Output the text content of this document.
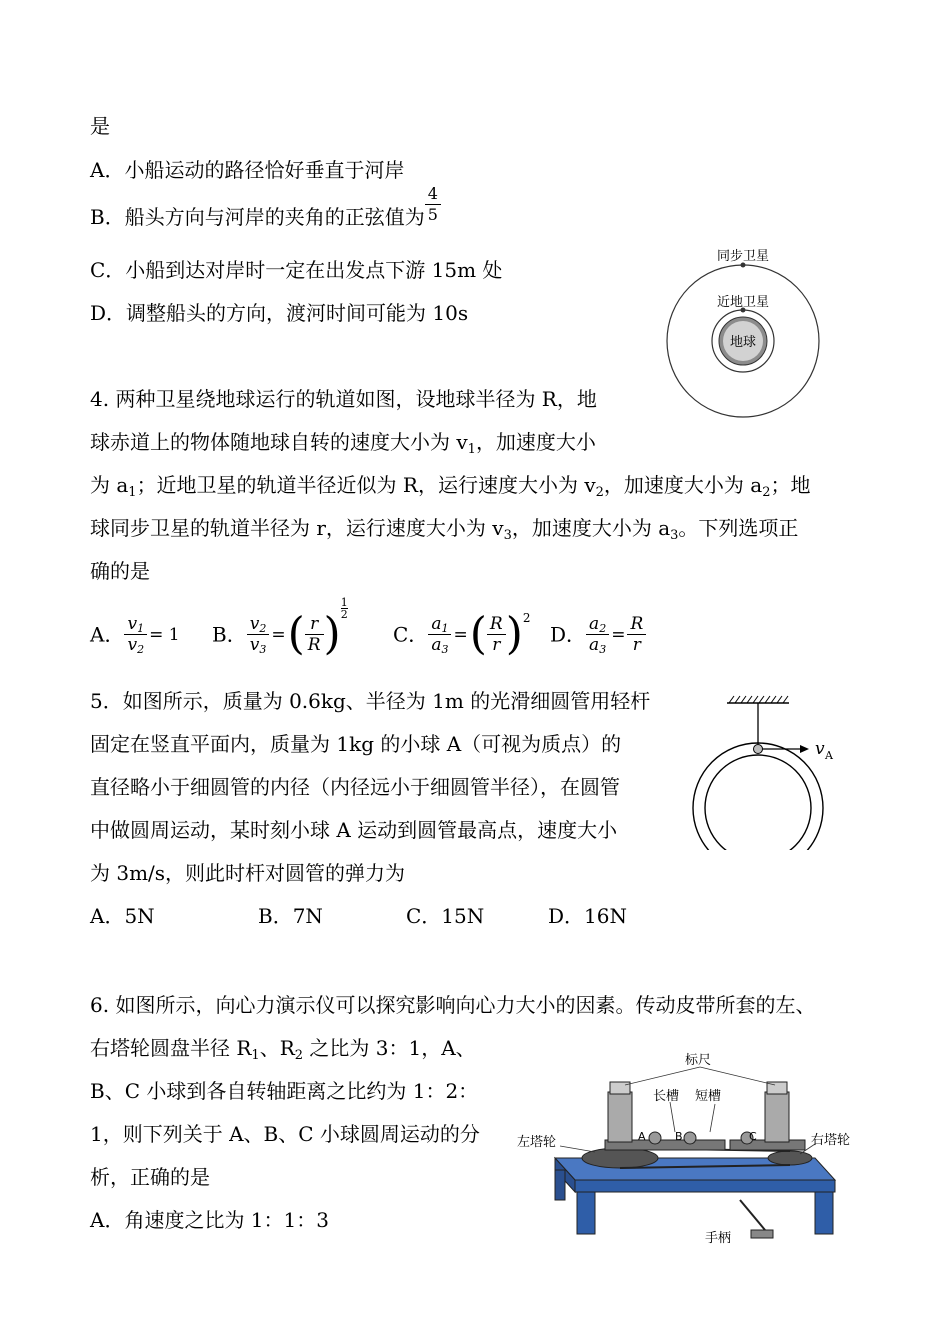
是
A．小船运动的路径恰好垂直于河岸
B．船头方向与河岸的夹角的正弦值为 $\frac{4}{5}$
C．小船到达对岸时一定在出发点下游 15m 处
D．调整船头的方向，渡河时间可能为 10s
同步卫星
近地卫星
地球
4. 两种卫星绕地球运行的轨道如图，设地球半径为 R，地
球赤道上的物体随地球自转的速度大小为 $v_1$，加速度大小
为 $a_1$；近地卫星的轨道半径近似为 R，运行速度大小为 $v_2$，加速度大小为 $a_2$；地
球同步卫星的轨道半径为 r，运行速度大小为 $v_3$，加速度大小为 $a_3$。下列选项正
确的是
A． $\frac{v_1}{v_2} = 1$ B． $\frac{v_2}{v_3}$ =( $\frac{r}{R}$ ) $\frac{1}{2}$
C． $\frac{a_1}{a_3}$ =( $\frac{R}{r} )^2$
D． $\frac{a_2}{a_3} = \frac{R}{r}$
5．如图所示，质量为 0.6kg、半径为 1m 的光滑细圆管用轻杆
固定在竖直平面内，质量为 1kg 的小球 A（可视为质点）的
直径略小于细圆管的内径（内径远小于细圆管半径），在圆管
中做圆周运动，某时刻小球 A 运动到圆管最高点，速度大小
为 3m/s，则此时杆对圆管的弹力为
A．5N	B．7N	C．15N	D．16N
v A
6. 如图所示，向心力演示仪可以探究影响向心力大小的因素。传动皮带所套的左、
右塔轮圆盘半径 $R_1$、$R_2$ 之比为 3：1，A、
B、C 小球到各自转轴距离之比约为 1：2：
1，则下列关于 A、B、C 小球圆周运动的分
析，正确的是
A．角速度之比为 1：1：3
标尺
长槽 短槽
左塔轮	右塔轮
手柄
A	B	C
